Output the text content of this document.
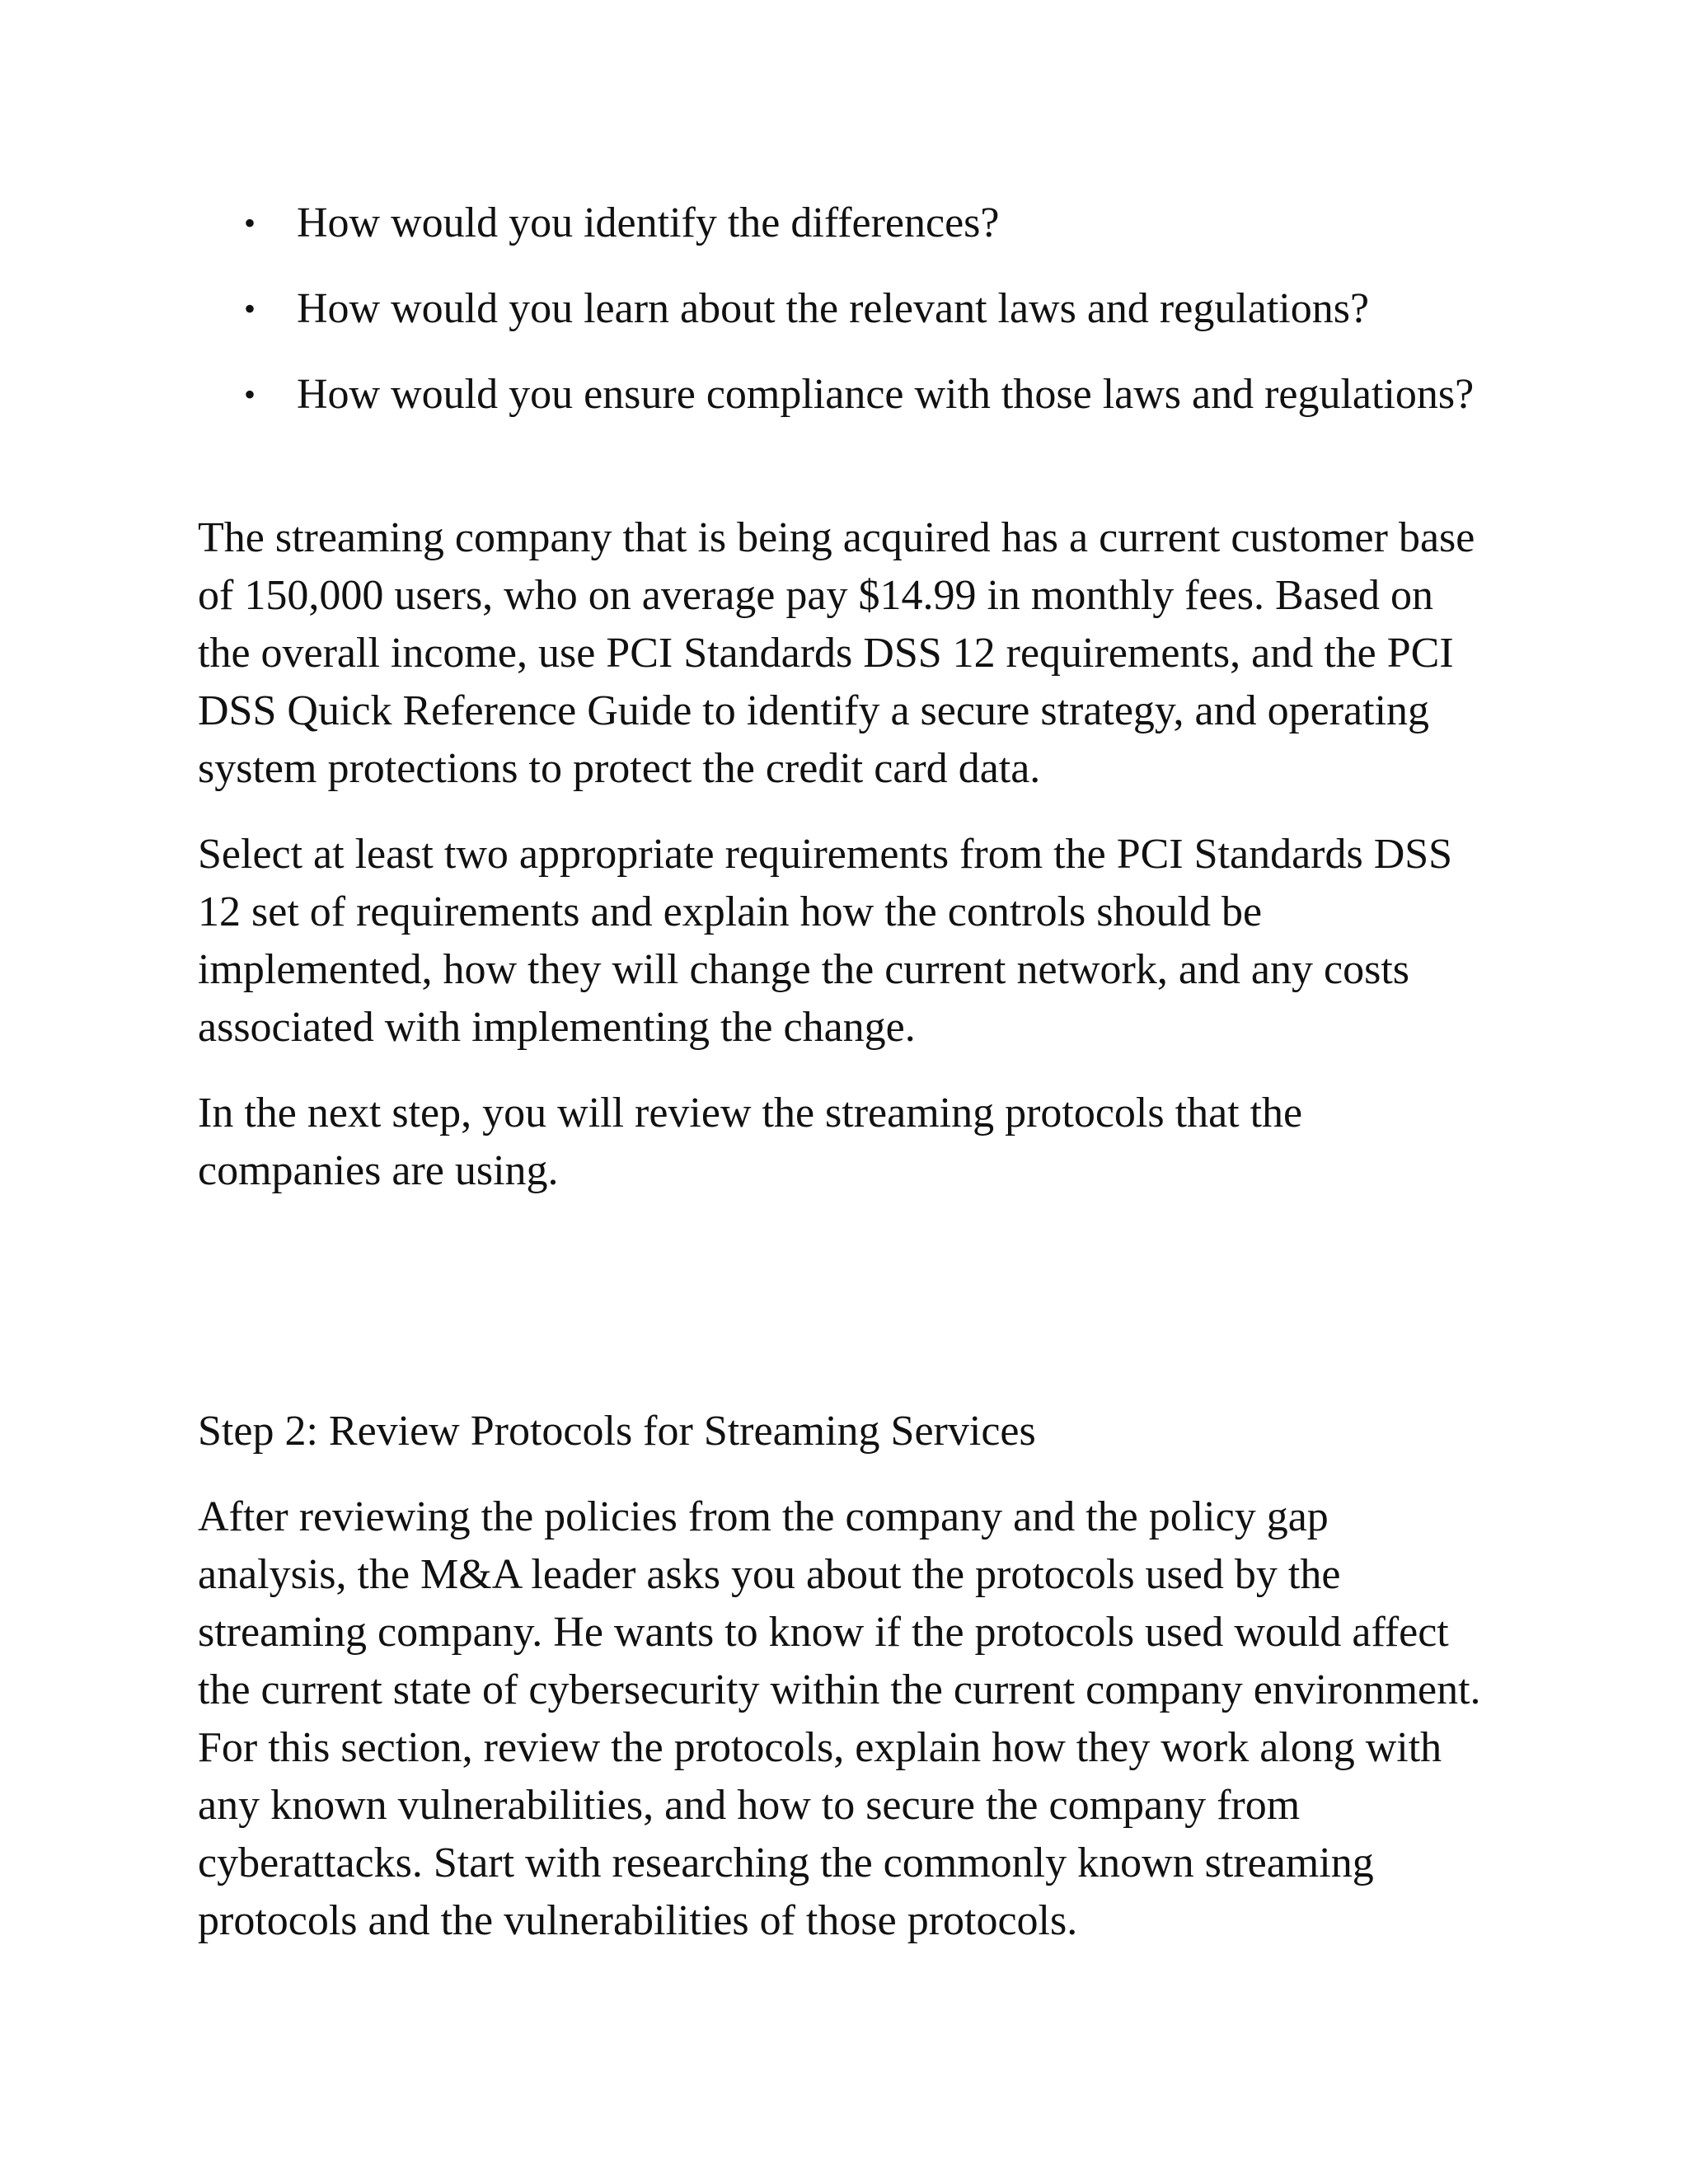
• How would you identify the differences?
• How would you learn about the relevant laws and regulations?
• How would you ensure compliance with those laws and regulations?

The streaming company that is being acquired has a current customer base of 150,000 users, who on average pay $14.99 in monthly fees. Based on the overall income, use PCI Standards DSS 12 requirements, and the PCI DSS Quick Reference Guide to identify a secure strategy, and operating system protections to protect the credit card data.

Select at least two appropriate requirements from the PCI Standards DSS 12 set of requirements and explain how the controls should be implemented, how they will change the current network, and any costs associated with implementing the change.

In the next step, you will review the streaming protocols that the companies are using.

Step 2: Review Protocols for Streaming Services

After reviewing the policies from the company and the policy gap analysis, the M&A leader asks you about the protocols used by the streaming company. He wants to know if the protocols used would affect the current state of cybersecurity within the current company environment. For this section, review the protocols, explain how they work along with any known vulnerabilities, and how to secure the company from cyberattacks. Start with researching the commonly known streaming protocols and the vulnerabilities of those protocols.
